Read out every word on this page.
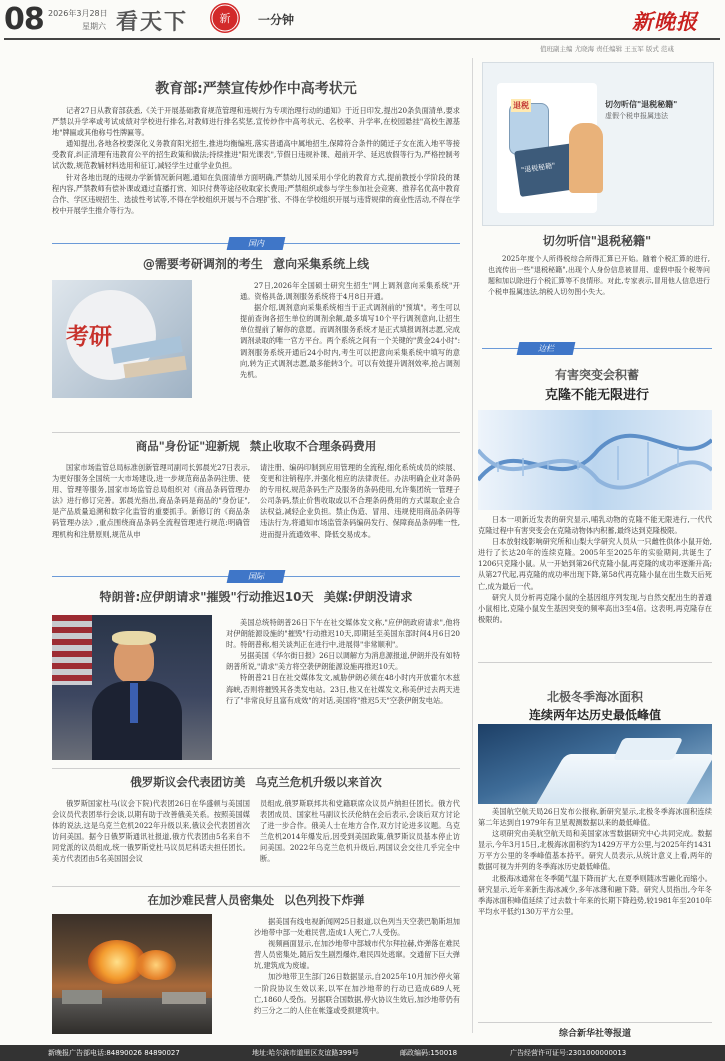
08 2026年3月28日
星期六 看天下	新 一分钟	新晚报
值班副主编 尤晓海 责任编辑 王玉军 版式 范彧
教育部:严禁宣传炒作中高考状元

记者27日从教育部获悉,《关于开展基础教育规范管理和违规行为专项治理行动的通知》于近日印发,提出20条负面清单,要求严禁以升学率或考试成绩对学校进行排名,对教师进行排名奖惩,宣传炒作中高考状元、名校率、升学率,在校园悬挂"高校生源基地"牌匾或其他称号性牌匾等。

通知提出,各地各校要深化义务教育阳光招生,推进均衡编班,落实普通高中属地招生,保障符合条件的随迁子女在流入地平等接受教育,纠正清理有违教育公平的招生政策和做法;持续推进"阳光课表",节假日违规补课、超前开学、延迟放假等行为,严格控制考试次数,规范教辅材料选用和征订,减轻学生过重学业负担。

针对各地出现的违规办学新情况新问题,通知在负面清单方面明确,严禁幼儿园采用小学化的教育方式,提前教授小学阶段的课程内容,严禁教师有偿补课或通过直播打赏、知识付费等途径收取家长费用;严禁组织或参与学生参加社会竞赛、推荐名优高中教育合作、学区违规招生、选拔性考试等,不得在学校组织开展与不合理扩张、不得在学校组织开展与违背规律的商业性活动,不得在学校中开展学生推介等行为。

国内
@需要考研调剂的考生 意向采集系统上线
考研

27日,2026年全国硕士研究生招生"网上调剂意向采集系统"开通。资格具备,调剂服务系统将于4月8日开通。

据介绍,调剂意向采集系统相当于正式调剂前的"预填"。考生可以提前查询各招生单位的调剂余额,最多填写10个平行调剂意向,让招生单位提前了解你的意愿。而调剂服务系统才是正式填报调剂志愿,完成调剂录取的唯一官方平台。两个系统之间有一个关键的"黄金24小时":调剂服务系统开通后24小时内,考生可以把意向采集系统中填写的意向,转为正式调剂志愿,最多能转3个。可以有效提升调剂效率,抢占调剂先机。

商品"身份证"迎新规 禁止收取不合理条码费用

国家市场监管总局标准创新管理司副司长郭晨光27日表示,为更好服务全国统一大市场建设,进一步规范商品条码注册、使用、管理等服务,国家市场监管总局组织对《商品条码管理办法》进行修订完善。郭晨光指出,商品条码是商品的"身份证",是产品质量追溯和数字化监管的重要抓手。新修订的《商品条码管理办法》,重点围绕商品条码全流程管理进行规范:明确管理机构和注册原则,规范从申

请注册、编码印制到应用管理的全流程,细化系统成员的续展、变更和注销程序,并强化相应的法律责任。办法明确企业对条码的专用权,规范条码生产及服务的条码使用,允许集团统一管理子公司条码,禁止价售收取或以不合理条码费用的方式谋取企业合法权益,减轻企业负担。禁止伪造、冒用、违规使用商品条码等违法行为,将通知市场监管条码编码发行、保障商品条码唯一性,进而提升流通效率、降低交易成本。

国际
特朗普:应伊朗请求"摧毁"行动推迟10天 美媒:伊朗没请求

美国总统特朗普26日下午在社交媒体发文称,"应伊朗政府请求",他将对伊朗能源设施的"摧毁"行动推迟10天,即期延至美国东部时间4月6日20时。特朗普称,相关谈判正在进行中,进展得"非常顺利"。

另据美国《华尔街日报》26日以调解方为消息源报道,伊朗并没有如特朗普所说,"请求"美方将空袭伊朗能源设施再推迟10天。

特朗普21日在社交媒体发文,威胁伊朗必须在48小时内开放霍尔木兹海峡,否则将摧毁其各类发电站。23日,他又在社媒发文,称美伊过去两天进行了"非常良好且富有成效"的对话,美国将"推迟5天"空袭伊朗发电站。

俄罗斯议会代表团访美 乌克兰危机升级以来首次

俄罗斯国家杜马(议会下院)代表团26日在华盛顿与美国国会议员代表团举行会谈,以期有助于改善俄美关系。按照美国媒体的说法,这是乌克兰危机2022年升级以来,俄议会代表团首次访问美国。据今日俄罗斯通讯社报道,俄方代表团由5名来自不同党派的议员组成,统一俄罗斯党杜马议员尼科诺夫担任团长。美方代表团由5名美国国会议

员组成,俄罗斯联邦共和党籍联席众议员卢纳担任团长。俄方代表团成员、国家杜马副议长沃伦纳在会后表示,会谈后双方讨论了进一步合作。俄美人士在地方合作,双方讨论进多议题。乌克兰危机2014年爆发后,因受到美国政策,俄罗斯议员基本停止访问美国。2022年乌克兰危机升级后,两国议会交往几乎完全中断。

在加沙难民营人员密集处 以色列投下炸弹

据美国有线电视新闻网25日报道,以色列当天空袭巴勒斯坦加沙地带中部一处难民营,造成1人死亡,7人受伤。

视频画面显示,在加沙地带中部城市代尔拜拉赫,炸弹落在难民营人员密集处,随后发生剧烈爆炸,难民四处逃窜。交通留下巨大弹坑,建筑成为废墟。

加沙地带卫生部门26日数据显示,自2025年10月加沙停火第一阶段协议生效以来,以军在加沙地带的行动已造成689人死亡,1860人受伤。另据联合国数据,停火协议生效后,加沙地带仍有约三分之二的人住在帐篷或受损建筑中。

退税
"退税秘籍"
切勿听信"退税秘籍"
虚假个税申报属违法
切勿听信"退税秘籍"

2025年度个人所得税综合所得汇算已开始。随着个税汇算的进行,也流传出一些"退税秘籍",出现个人身份信息被冒用、虚假申报个税等问题和加以除进行个税汇算等不良情形。对此,专家表示,冒用他人信息进行个税申报属违法,纳税人切勿图小失大。

边栏
有害突变会积蓄
克隆不能无限进行

日本一项新近发表的研究显示,哺乳动物的克隆不能无限进行,一代代克隆过程中有害突变会在克隆动物体内积蓄,最终达到克隆极限。

日本放射线影响研究所和山梨大学研究人员从一只雌性供体小鼠开始,进行了长达20年的连续克隆。2005年至2025年的实验期间,共诞生了1206只克隆小鼠。从一开始到第26代克隆小鼠,再克隆的成功率逐渐升高;从第27代起,再克隆的成功率出现下降,第58代再克隆小鼠在出生数天后死亡,成为最后一代。

研究人员分析再克隆小鼠的全基因组序列发现,与自然交配出生的普通小鼠相比,克隆小鼠发生基因突变的频率高出3至4倍。这表明,再克隆存在极限的。

北极冬季海冰面积
连续两年达历史最低峰值

美国航空航天局26日发布公报称,新研究显示,北极冬季海冰面积连续第二年达到自1979年有卫星观测数据以来的最低峰值。

这项研究由美航空航天局和美国家冰雪数据研究中心共同完成。数据显示,今年3月15日,北极海冰面积约为1429万平方公里,与2025年约1431万平方公里的冬季峰值基本持平。研究人员表示,从统计意义上看,两年的数据可视为并列的冬季海冰历史最低峰值。

北极海冰通常在冬季随气温下降而扩大,在夏季则随冰雪融化而缩小。研究显示,近年来新生海冰减少,多年冰薄和融下降。研究人员指出,今年冬季海冰面积峰值延续了过去数十年来的长期下降趋势,较1981年至2010年平均水平低约130万平方公里。

综合新华社等报道
新晚报广告部电话:84890026 84890027	地址:哈尔滨市道里区友谊路399号	邮政编码:150018	广告经营许可证号:2301000000013
